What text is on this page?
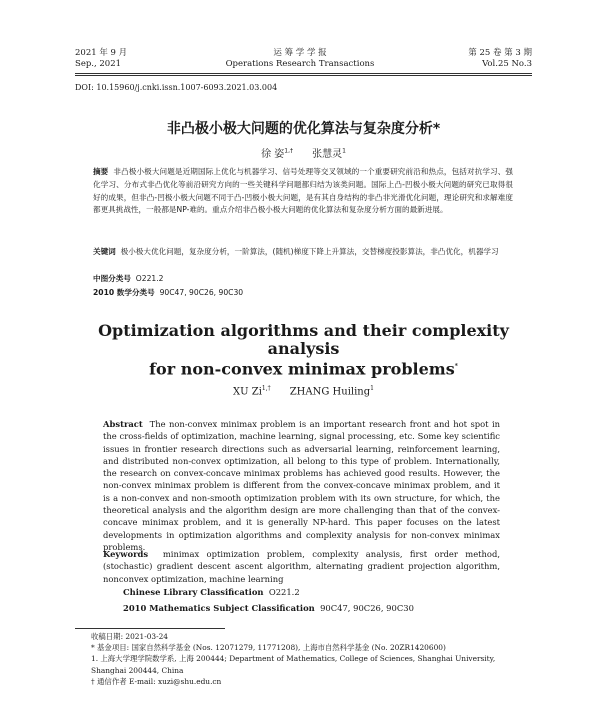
2021 年 9 月
Sep., 2021
运 筹 学 学 报
Operations Research Transactions
第 25 卷 第 3 期
Vol.25 No.3
DOI: 10.15960/j.cnki.issn.1007-6093.2021.03.004
非凸极小极大问题的优化算法与复杂度分析*
徐 姿$^{1,\dagger}$ 张慧灵$^1$
摘要 非凸极小极大问题是近期国际上优化与机器学习、信号处理等交叉领域的一个重要研究前沿和热点，包括对抗学习、强化学习、分布式非凸优化等前沿研究方向的一些关键科学问题都归结为该类问题。国际上凸-凹极小极大问题的研究已取得很好的成果，但非凸-凹极小极大问题不同于凸-凹极小极大问题，是有其自身结构的非凸非光滑优化问题，理论研究和求解难度都更具挑战性，一般都是NP-难的。重点介绍非凸极小极大问题的优化算法和复杂度分析方面的最新进展。
关键词 极小极大优化问题，复杂度分析，一阶算法，(随机)梯度下降上升算法，交替梯度投影算法，非凸优化，机器学习
中图分类号 O221.2
2010 数学分类号 90C47, 90C26, 90C30
Optimization algorithms and their complexity analysis
for non-convex minimax problems*
XU $Zi^{1,\dagger}$ ZHANG Huiling$^1$
Abstract The non-convex minimax problem is an important research front and hot spot in the cross-fields of optimization, machine learning, signal processing, etc. Some key scientific issues in frontier research directions such as adversarial learning, reinforcement learning, and distributed non-convex optimization, all belong to this type of problem. Internationally, the research on convex-concave minimax problems has achieved good results. However, the non-convex minimax problem is different from the convex-concave minimax problem, and it is a non-convex and non-smooth optimization problem with its own structure, for which, the theoretical analysis and the algorithm design are more challenging than that of the convex-concave minimax problem, and it is generally NP-hard. This paper focuses on the latest developments in optimization algorithms and complexity analysis for non-convex minimax problems.
Keywords minimax optimization problem, complexity analysis, first order method, (stochastic) gradient descent ascent algorithm, alternating gradient projection algorithm, nonconvex optimization, machine learning
Chinese Library Classification O221.2
2010 Mathematics Subject Classification 90C47, 90C26, 90C30
收稿日期: 2021-03-24
* 基金项目: 国家自然科学基金 (Nos. 12071279, 11771208), 上海市自然科学基金 (No. 20ZR1420600)
1. 上海大学理学院数学系, 上海 200444; Department of Mathematics, College of Sciences, Shanghai University, Shanghai 200444, China
† 通信作者 E-mail: xuzi@shu.edu.cn
